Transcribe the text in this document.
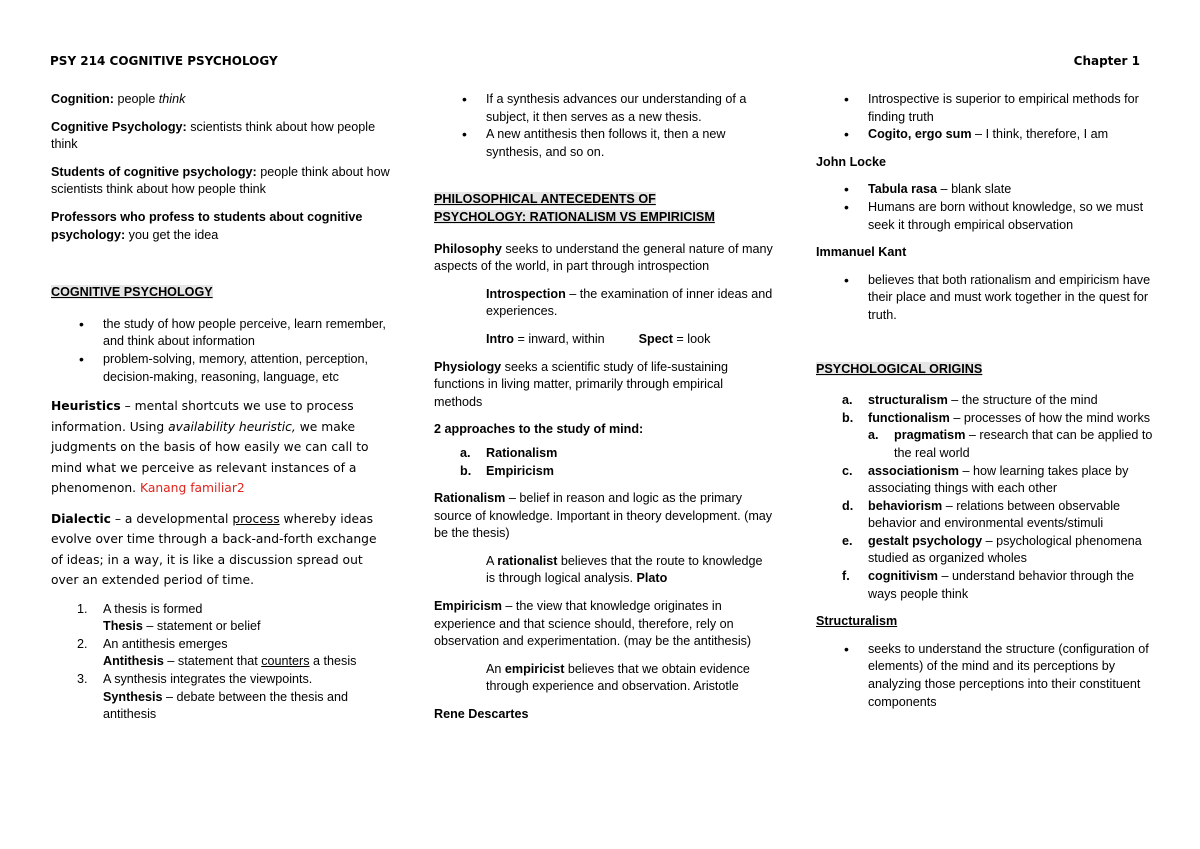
PSY 214 COGNITIVE PSYCHOLOGY	Chapter 1

Cognition: people think

Cognitive Psychology: scientists think about how people think

Students of cognitive psychology: people think about how scientists think about how people think

Professors who profess to students about cognitive psychology: you get the idea

COGNITIVE PSYCHOLOGY
• the study of how people perceive, learn remember, and think about information
• problem-solving, memory, attention, perception, decision-making, reasoning, language, etc

Heuristics – mental shortcuts we use to process information. Using availability heuristic, we make judgments on the basis of how easily we can call to mind what we perceive as relevant instances of a phenomenon. Kanang familiar2

Dialectic – a developmental process whereby ideas evolve over time through a back-and-forth exchange of ideas; in a way, it is like a discussion spread out over an extended period of time.

1. A thesis is formed
Thesis – statement or belief
2. An antithesis emerges
Antithesis – statement that counters a thesis
3. A synthesis integrates the viewpoints.
Synthesis – debate between the thesis and antithesis
• If a synthesis advances our understanding of a subject, it then serves as a new thesis.
• A new antithesis then follows it, then a new synthesis, and so on.
PHILOSOPHICAL ANTECEDENTS OF
PSYCHOLOGY: RATIONALISM VS EMPIRICISM

Philosophy seeks to understand the general nature of many aspects of the world, in part through introspection

Introspection – the examination of inner ideas and experiences.

Intro = inward, within	Spect = look

Physiology seeks a scientific study of life-sustaining functions in living matter, primarily through empirical methods

2 approaches to the study of mind:

a. Rationalism
b. Empiricism

Rationalism – belief in reason and logic as the primary source of knowledge. Important in theory development. (may be the thesis)

A rationalist believes that the route to knowledge is through logical analysis. Plato

Empiricism – the view that knowledge originates in experience and that science should, therefore, rely on observation and experimentation. (may be the antithesis)

An empiricist believes that we obtain evidence through experience and observation. Aristotle

Rene Descartes

• Introspective is superior to empirical methods for finding truth
• Cogito, ergo sum – I think, therefore, I am

John Locke

• Tabula rasa – blank slate
• Humans are born without knowledge, so we must seek it through empirical observation

Immanuel Kant

• believes that both rationalism and empiricism have their place and must work together in the quest for truth.
PSYCHOLOGICAL ORIGINS
a. structuralism – the structure of the mind
b. functionalism – processes of how the mind works
a. pragmatism – research that can be applied to the real world
c. associationism – how learning takes place by associating things with each other
d. behaviorism – relations between observable behavior and environmental events/stimuli
e. gestalt psychology – psychological phenomena studied as organized wholes
f. cognitivism – understand behavior through the ways people think

Structuralism

• seeks to understand the structure (configuration of elements) of the mind and its perceptions by analyzing those perceptions into their constituent components
